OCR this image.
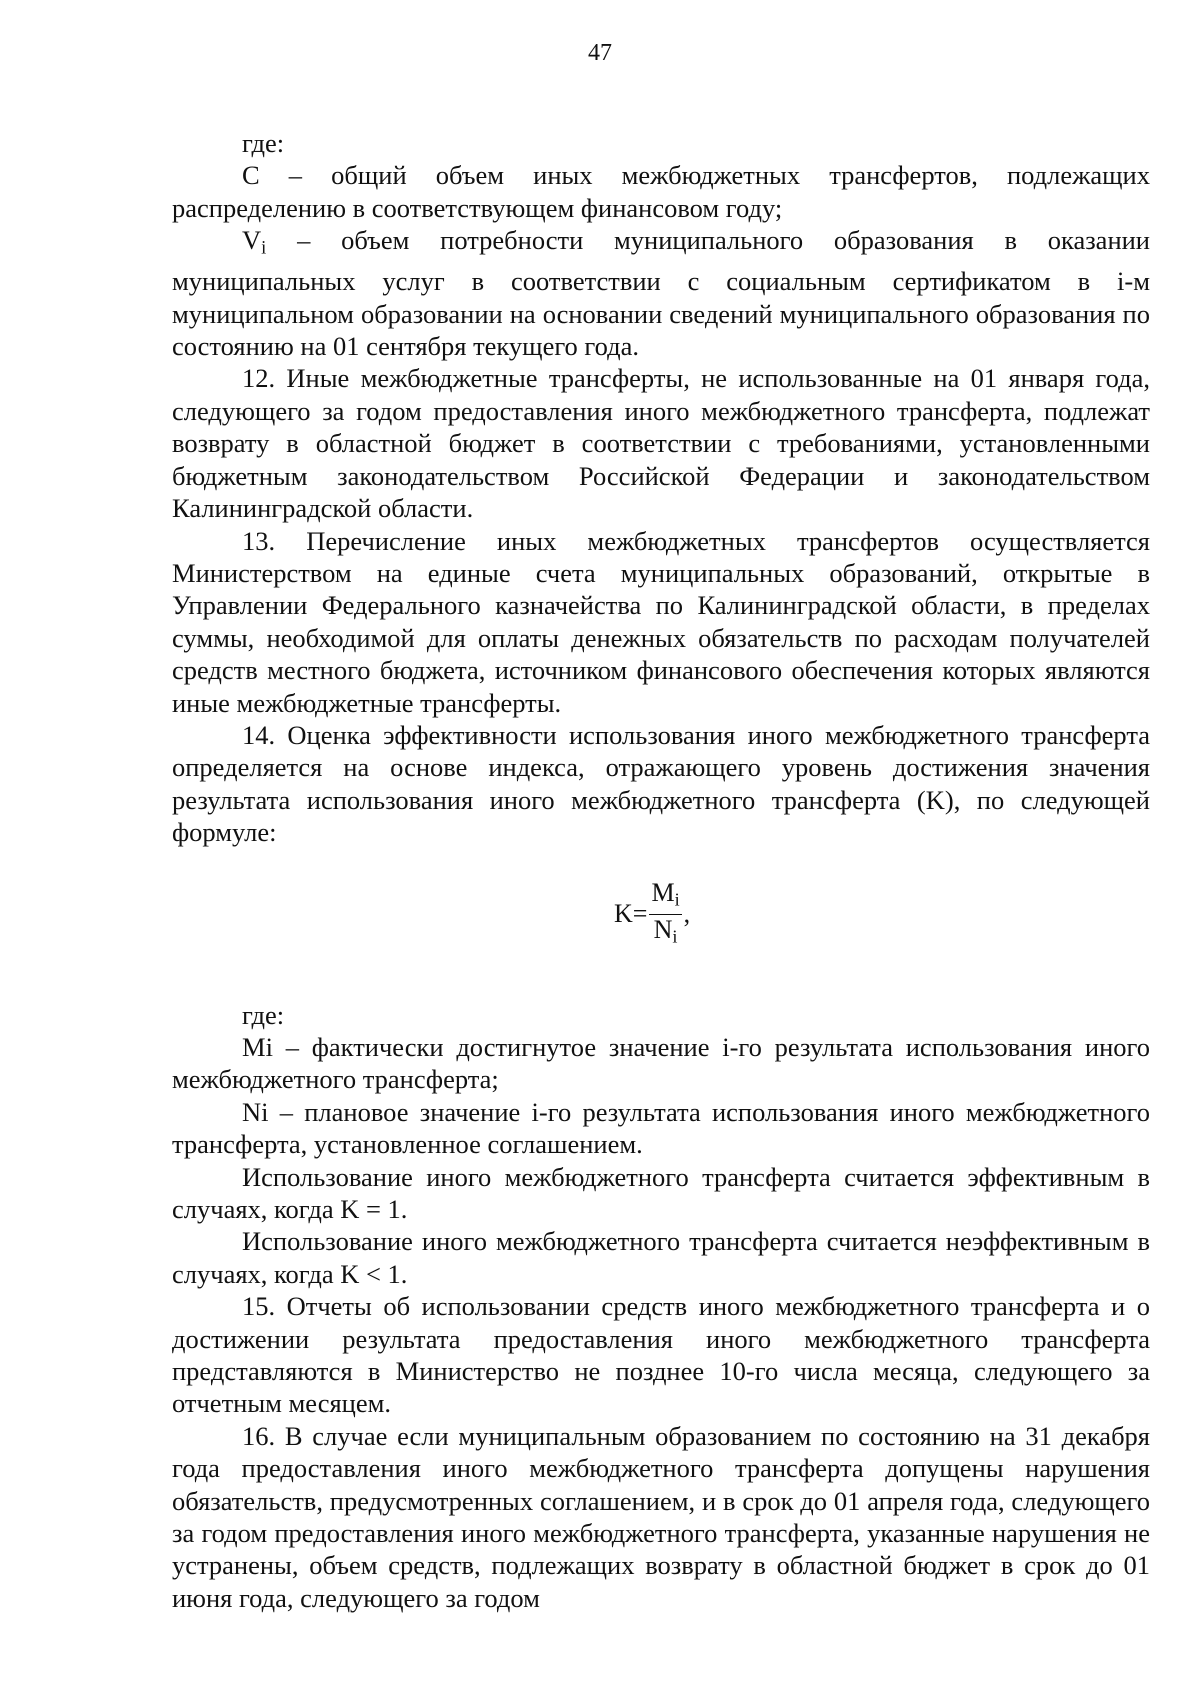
47

где:

С – общий объем иных межбюджетных трансфертов, подлежащих распределению в соответствующем финансовом году;

$V_i$ – объем потребности муниципального образования в оказании муниципальных услуг в соответствии с социальным сертификатом в i-м муниципальном образовании на основании сведений муниципального образования по состоянию на 01 сентября текущего года.

12. Иные межбюджетные трансферты, не использованные на 01 января года, следующего за годом предоставления иного межбюджетного трансферта, подлежат возврату в областной бюджет в соответствии с требованиями, установленными бюджетным законодательством Российской Федерации и законодательством Калининградской области.

13. Перечисление иных межбюджетных трансфертов осуществляется Министерством на единые счета муниципальных образований, открытые в Управлении Федерального казначейства по Калининградской области, в пределах суммы, необходимой для оплаты денежных обязательств по расходам получателей средств местного бюджета, источником финансового обеспечения которых являются иные межбюджетные трансферты.

14. Оценка эффективности использования иного межбюджетного трансферта определяется на основе индекса, отражающего уровень достижения значения результата использования иного межбюджетного трансферта (K), по следующей формуле:

$K= \frac{M_i}{N_i}$ ,

где:

Mi – фактически достигнутое значение i-го результата использования иного межбюджетного трансферта;

Ni – плановое значение i-го результата использования иного межбюджетного трансферта, установленное соглашением.

Использование иного межбюджетного трансферта считается эффективным в случаях, когда K = 1.

Использование иного межбюджетного трансферта считается неэффективным в случаях, когда K < 1.

15. Отчеты об использовании средств иного межбюджетного трансферта и о достижении результата предоставления иного межбюджетного трансферта представляются в Министерство не позднее 10-го числа месяца, следующего за отчетным месяцем.

16. В случае если муниципальным образованием по состоянию на 31 декабря года предоставления иного межбюджетного трансферта допущены нарушения обязательств, предусмотренных соглашением, и в срок до 01 апреля года, следующего за годом предоставления иного межбюджетного трансферта, указанные нарушения не устранены, объем средств, подлежащих возврату в областной бюджет в срок до 01 июня года, следующего за годом
